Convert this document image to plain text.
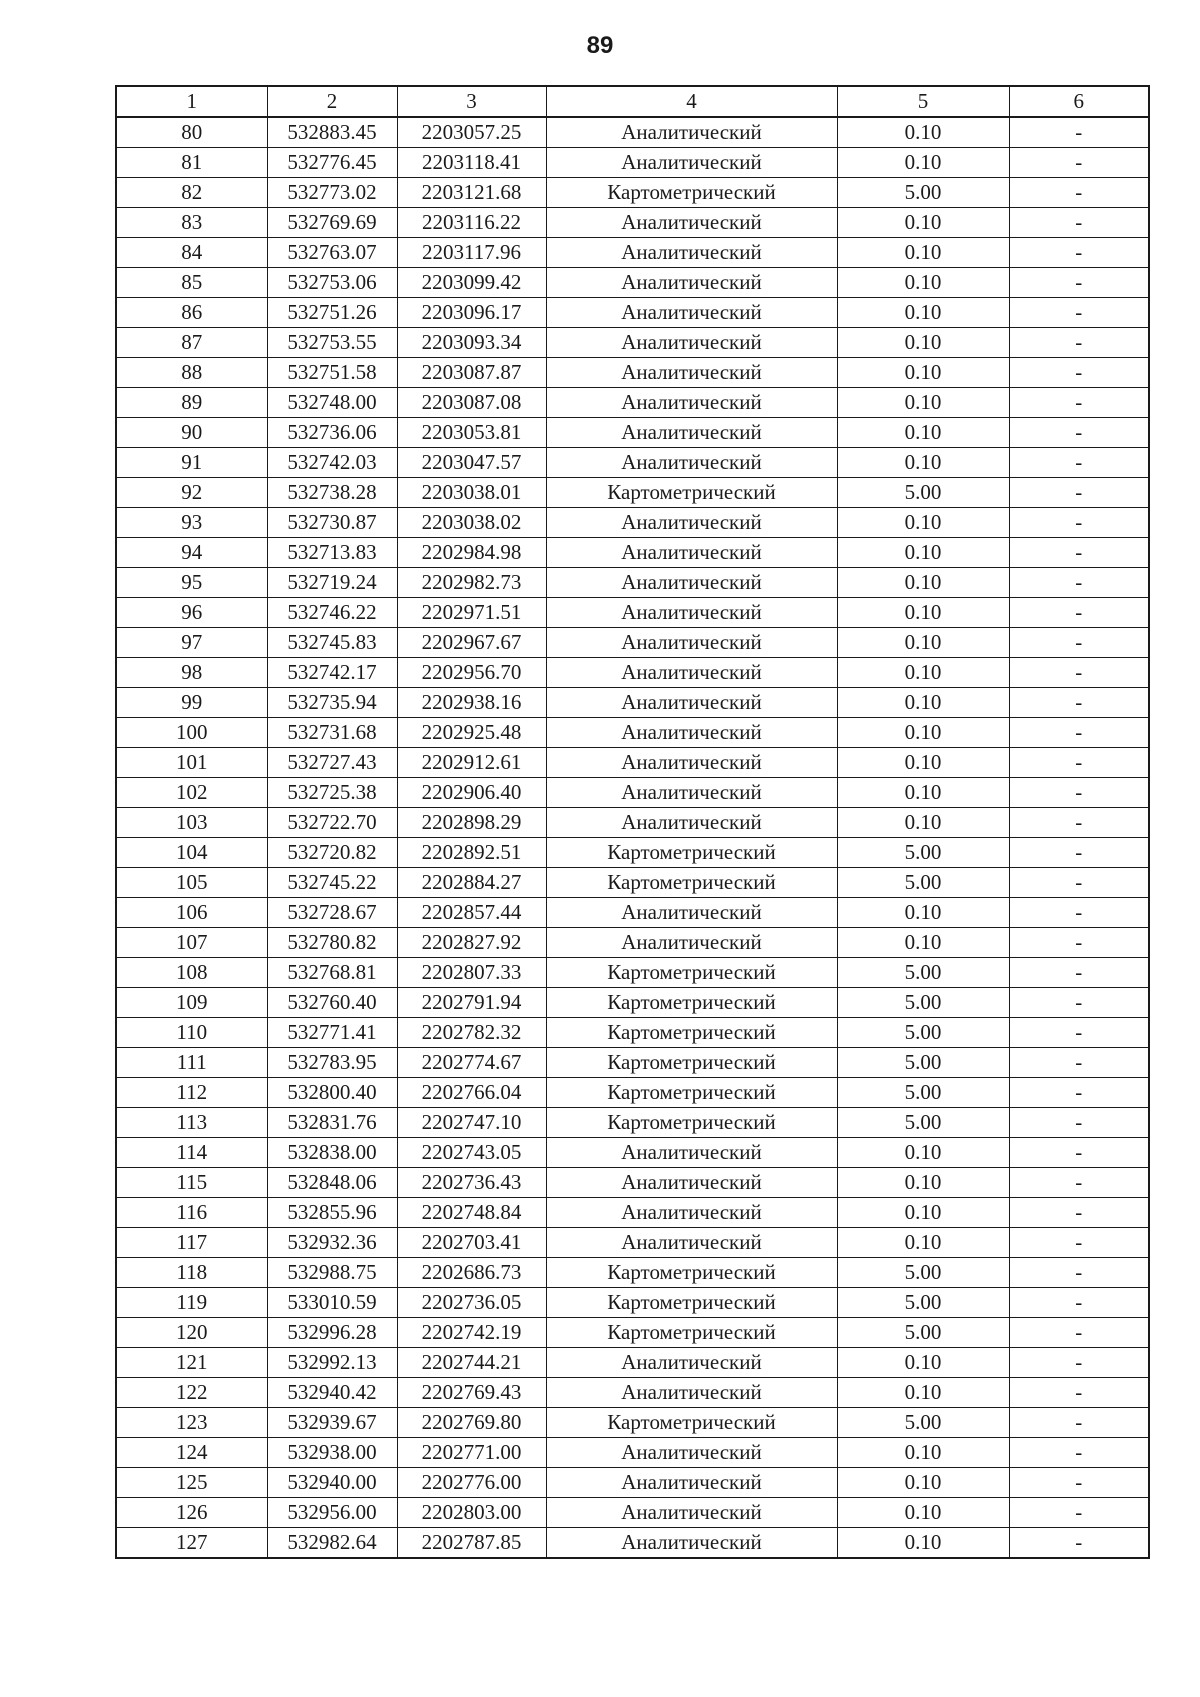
89
1	2	3	4	5	6
80	532883.45	2203057.25	Аналитический	0.10	-
81	532776.45	2203118.41	Аналитический	0.10	-
82	532773.02	2203121.68	Картометрический	5.00	-
83	532769.69	2203116.22	Аналитический	0.10	-
84	532763.07	2203117.96	Аналитический	0.10	-
85	532753.06	2203099.42	Аналитический	0.10	-
86	532751.26	2203096.17	Аналитический	0.10	-
87	532753.55	2203093.34	Аналитический	0.10	-
88	532751.58	2203087.87	Аналитический	0.10	-
89	532748.00	2203087.08	Аналитический	0.10	-
90	532736.06	2203053.81	Аналитический	0.10	-
91	532742.03	2203047.57	Аналитический	0.10	-
92	532738.28	2203038.01	Картометрический	5.00	-
93	532730.87	2203038.02	Аналитический	0.10	-
94	532713.83	2202984.98	Аналитический	0.10	-
95	532719.24	2202982.73	Аналитический	0.10	-
96	532746.22	2202971.51	Аналитический	0.10	-
97	532745.83	2202967.67	Аналитический	0.10	-
98	532742.17	2202956.70	Аналитический	0.10	-
99	532735.94	2202938.16	Аналитический	0.10	-
100	532731.68	2202925.48	Аналитический	0.10	-
101	532727.43	2202912.61	Аналитический	0.10	-
102	532725.38	2202906.40	Аналитический	0.10	-
103	532722.70	2202898.29	Аналитический	0.10	-
104	532720.82	2202892.51	Картометрический	5.00	-
105	532745.22	2202884.27	Картометрический	5.00	-
106	532728.67	2202857.44	Аналитический	0.10	-
107	532780.82	2202827.92	Аналитический	0.10	-
108	532768.81	2202807.33	Картометрический	5.00	-
109	532760.40	2202791.94	Картометрический	5.00	-
110	532771.41	2202782.32	Картометрический	5.00	-
111	532783.95	2202774.67	Картометрический	5.00	-
112	532800.40	2202766.04	Картометрический	5.00	-
113	532831.76	2202747.10	Картометрический	5.00	-
114	532838.00	2202743.05	Аналитический	0.10	-
115	532848.06	2202736.43	Аналитический	0.10	-
116	532855.96	2202748.84	Аналитический	0.10	-
117	532932.36	2202703.41	Аналитический	0.10	-
118	532988.75	2202686.73	Картометрический	5.00	-
119	533010.59	2202736.05	Картометрический	5.00	-
120	532996.28	2202742.19	Картометрический	5.00	-
121	532992.13	2202744.21	Аналитический	0.10	-
122	532940.42	2202769.43	Аналитический	0.10	-
123	532939.67	2202769.80	Картометрический	5.00	-
124	532938.00	2202771.00	Аналитический	0.10	-
125	532940.00	2202776.00	Аналитический	0.10	-
126	532956.00	2202803.00	Аналитический	0.10	-
127	532982.64	2202787.85	Аналитический	0.10	-
